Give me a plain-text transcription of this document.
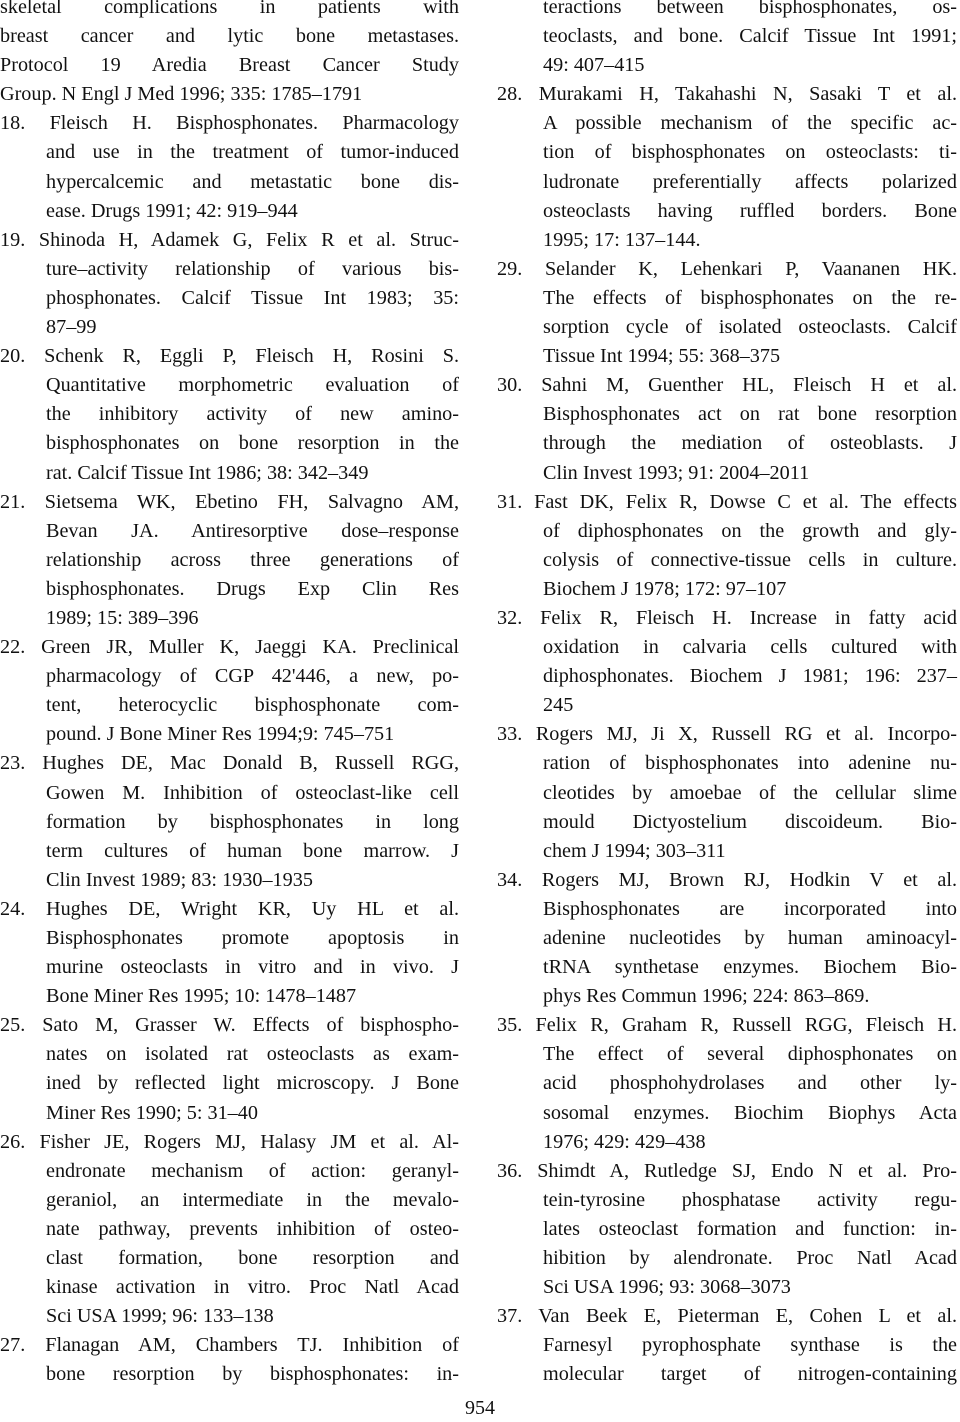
skeletal complications in patients with
breast cancer and lytic bone metastases.
Protocol 19 Aredia Breast Cancer Study
Group. N Engl J Med 1996; 335: 1785–1791
18. Fleisch H. Bisphosphonates. Pharmacology
and use in the treatment of tumor-induced
hypercalcemic and metastatic bone dis-
ease. Drugs 1991; 42: 919–944
19. Shinoda H, Adamek G, Felix R et al. Struc-
ture–activity relationship of various bis-
phosphonates. Calcif Tissue Int 1983; 35:
87–99
20. Schenk R, Eggli P, Fleisch H, Rosini S.
Quantitative morphometric evaluation of
the inhibitory activity of new amino-
bisphosphonates on bone resorption in the
rat. Calcif Tissue Int 1986; 38: 342–349
21. Sietsema WK, Ebetino FH, Salvagno AM,
Bevan JA. Antiresorptive dose–response
relationship across three generations of
bisphosphonates. Drugs Exp Clin Res
1989; 15: 389–396
22. Green JR, Muller K, Jaeggi KA. Preclinical
pharmacology of CGP 42'446, a new, po-
tent, heterocyclic bisphosphonate com-
pound. J Bone Miner Res 1994;9: 745–751
23. Hughes DE, Mac Donald B, Russell RGG,
Gowen M. Inhibition of osteoclast-like cell
formation by bisphosphonates in long
term cultures of human bone marrow. J
Clin Invest 1989; 83: 1930–1935
24. Hughes DE, Wright KR, Uy HL et al.
Bisphosphonates promote apoptosis in
murine osteoclasts in vitro and in vivo. J
Bone Miner Res 1995; 10: 1478–1487
25. Sato M, Grasser W. Effects of bisphospho-
nates on isolated rat osteoclasts as exam-
ined by reflected light microscopy. J Bone
Miner Res 1990; 5: 31–40
26. Fisher JE, Rogers MJ, Halasy JM et al. Al-
endronate mechanism of action: geranyl-
geraniol, an intermediate in the mevalo-
nate pathway, prevents inhibition of osteo-
clast formation, bone resorption and
kinase activation in vitro. Proc Natl Acad
Sci USA 1999; 96: 133–138
27. Flanagan AM, Chambers TJ. Inhibition of
bone resorption by bisphosphonates: in-
teractions between bisphosphonates, os-
teoclasts, and bone. Calcif Tissue Int 1991;
49: 407–415
28. Murakami H, Takahashi N, Sasaki T et al.
A possible mechanism of the specific ac-
tion of bisphosphonates on osteoclasts: ti-
ludronate preferentially affects polarized
osteoclasts having ruffled borders. Bone
1995; 17: 137–144.
29. Selander K, Lehenkari P, Vaananen HK.
The effects of bisphosphonates on the re-
sorption cycle of isolated osteoclasts. Calcif
Tissue Int 1994; 55: 368–375
30. Sahni M, Guenther HL, Fleisch H et al.
Bisphosphonates act on rat bone resorption
through the mediation of osteoblasts. J
Clin Invest 1993; 91: 2004–2011
31. Fast DK, Felix R, Dowse C et al. The effects
of diphosphonates on the growth and gly-
colysis of connective-tissue cells in culture.
Biochem J 1978; 172: 97–107
32. Felix R, Fleisch H. Increase in fatty acid
oxidation in calvaria cells cultured with
diphosphonates. Biochem J 1981; 196: 237–
245
33. Rogers MJ, Ji X, Russell RG et al. Incorpo-
ration of bisphosphonates into adenine nu-
cleotides by amoebae of the cellular slime
mould Dictyostelium discoideum. Bio-
chem J 1994; 303–311
34. Rogers MJ, Brown RJ, Hodkin V et al.
Bisphosphonates are incorporated into
adenine nucleotides by human aminoacyl-
tRNA synthetase enzymes. Biochem Bio-
phys Res Commun 1996; 224: 863–869.
35. Felix R, Graham R, Russell RGG, Fleisch H.
The effect of several diphosphonates on
acid phosphohydrolases and other ly-
sosomal enzymes. Biochim Biophys Acta
1976; 429: 429–438
36. Shimdt A, Rutledge SJ, Endo N et al. Pro-
tein-tyrosine phosphatase activity regu-
lates osteoclast formation and function: in-
hibition by alendronate. Proc Natl Acad
Sci USA 1996; 93: 3068–3073
37. Van Beek E, Pieterman E, Cohen L et al.
Farnesyl pyrophosphate synthase is the
molecular target of nitrogen-containing
954
